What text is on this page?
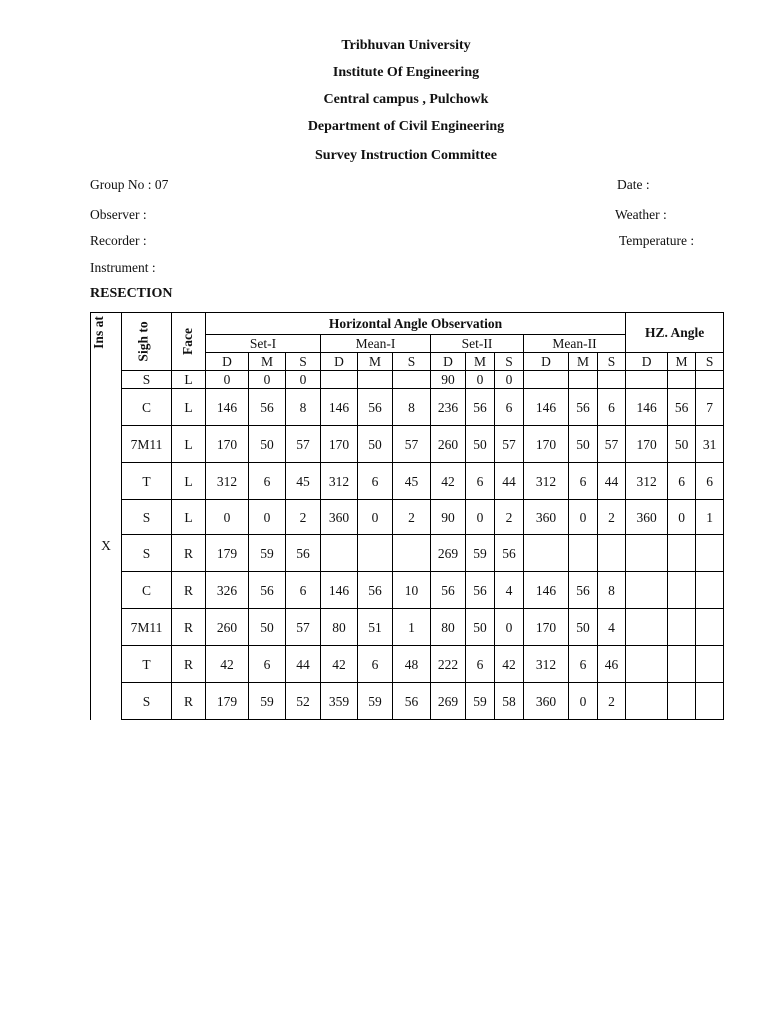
Tribhuvan University
Institute Of Engineering
Central campus , Pulchowk
Department of Civil Engineering
Survey Instruction Committee
Group No : 07	Date :
Observer :	Weather :
Recorder :	Temperature :
Instrument :
RESECTION
Ins at	Sigh to	Face	Horizontal Angle Observation												HZ. Angle		
			Set-I			Mean-I			Set-II			Mean-II					
			D	M	S	D	M	S	D	M	S	D	M	S	D	M	S
X	S	L	0	0	0				90	0	0						
	C	L	146	56	8	146	56	8	236	56	6	146	56	6	146	56	7
	7M11	L	170	50	57	170	50	57	260	50	57	170	50	57	170	50	31
	T	L	312	6	45	312	6	45	42	6	44	312	6	44	312	6	6
	S	L	0	0	2	360	0	2	90	0	2	360	0	2	360	0	1
	S	R	179	59	56				269	59	56						
	C	R	326	56	6	146	56	10	56	56	4	146	56	8			
	7M11	R	260	50	57	80	51	1	80	50	0	170	50	4			
	T	R	42	6	44	42	6	48	222	6	42	312	6	46			
	S	R	179	59	52	359	59	56	269	59	58	360	0	2			
